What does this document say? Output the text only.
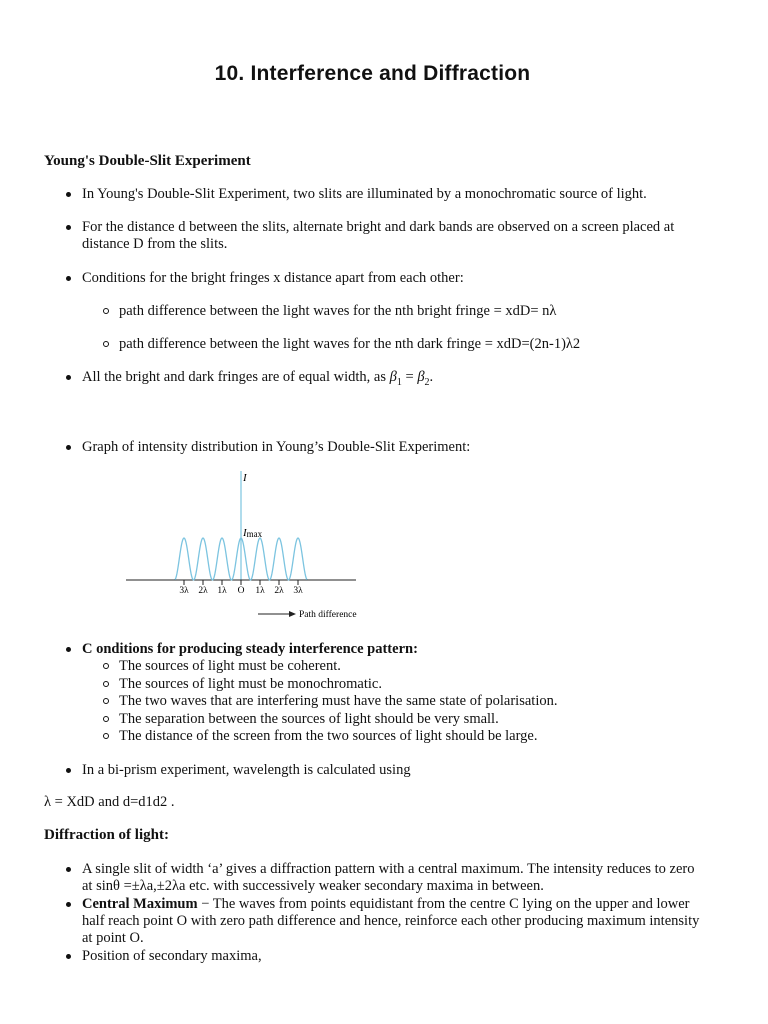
10. Interference and Diffraction
Young's Double-Slit Experiment
In Young's Double-Slit Experiment, two slits are illuminated by a monochromatic source of light.
For the distance d between the slits, alternate bright and dark bands are observed on a screen placed at
distance D from the slits.
Conditions for the bright fringes x distance apart from each other:
path difference between the light waves for the nth bright fringe = xdD= nλ
path difference between the light waves for the nth dark fringe = xdD=(2n-1)λ2
All the bright and dark fringes are of equal width, as $\beta_1 = \beta_2$.
Graph of intensity distribution in Young’s Double-Slit Experiment:
I
Imax
3λ 2λ 1λ O 1λ 2λ 3λ
Path difference
C onditions for producing steady interference pattern:
The sources of light must be coherent.
The sources of light must be monochromatic.
The two waves that are interfering must have the same state of polarisation.
The separation between the sources of light should be very small.
The distance of the screen from the two sources of light should be large.
In a bi-prism experiment, wavelength is calculated using
λ = XdD and d=d1d2 .
Diffraction of light:
A single slit of width ‘a’ gives a diffraction pattern with a central maximum. The intensity reduces to zero
at sinθ =±λa,±2λa etc. with successively weaker secondary maxima in between.
Central Maximum − The waves from points equidistant from the centre C lying on the upper and lower
half reach point O with zero path difference and hence, reinforce each other producing maximum intensity
at point O.
Position of secondary maxima,
